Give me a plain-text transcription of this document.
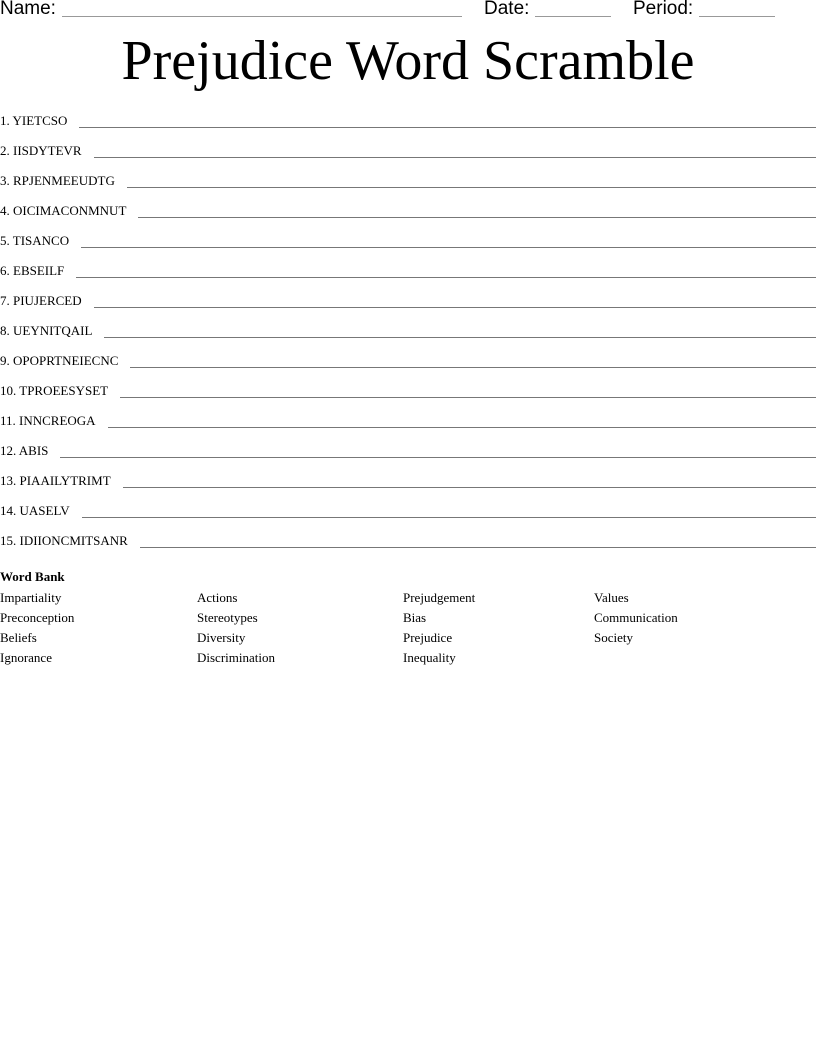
Name:	Date:	Period:
Prejudice Word Scramble
1. YIETCSO
2. IISDYTEVR
3. RPJENMEEUDTG
4. OICIMACONMNUT
5. TISANCO
6. EBSEILF
7. PIUJERCED
8. UEYNITQAIL
9. OPOPRTNEIECNC
10. TPROEESYSET
11. INNCREOGA
12. ABIS
13. PIAAILYTRIMT
14. UASELV
15. IDIIONCMITSANR
Word Bank
Impartiality
Preconception
Beliefs
Ignorance
Actions
Stereotypes
Diversity
Discrimination
Prejudgement
Bias
Prejudice
Inequality
Values
Communication
Society
